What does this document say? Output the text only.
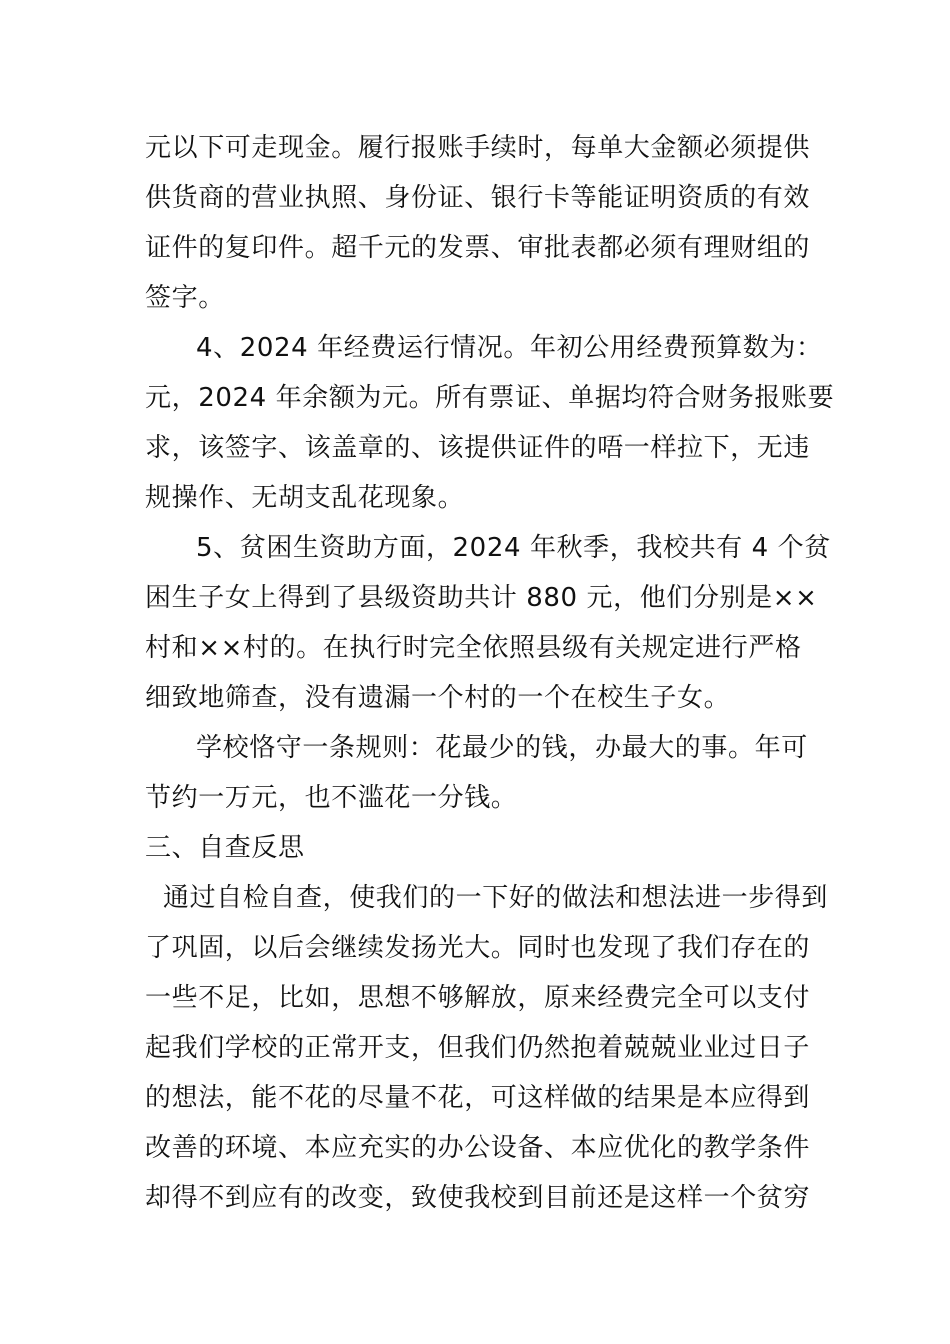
元以下可走现金。履行报账手续时，每单大金额必须提供
供货商的营业执照、身份证、银行卡等能证明资质的有效
证件的复印件。超千元的发票、审批表都必须有理财组的
签字。
4、2024 年经费运行情况。年初公用经费预算数为：
元，2024 年余额为元。所有票证、单据均符合财务报账要
求，该签字、该盖章的、该提供证件的唔一样拉下，无违
规操作、无胡支乱花现象。
5、贫困生资助方面，2024 年秋季，我校共有 4 个贫
困生子女上得到了县级资助共计 880 元，他们分别是××
村和××村的。在执行时完全依照县级有关规定进行严格
细致地筛查，没有遗漏一个村的一个在校生子女。
学校恪守一条规则：花最少的钱，办最大的事。年可
节约一万元，也不滥花一分钱。
三、自查反思
通过自检自查，使我们的一下好的做法和想法进一步得到
了巩固，以后会继续发扬光大。同时也发现了我们存在的
一些不足，比如，思想不够解放，原来经费完全可以支付
起我们学校的正常开支，但我们仍然抱着兢兢业业过日子
的想法，能不花的尽量不花，可这样做的结果是本应得到
改善的环境、本应充实的办公设备、本应优化的教学条件
却得不到应有的改变，致使我校到目前还是这样一个贫穷
